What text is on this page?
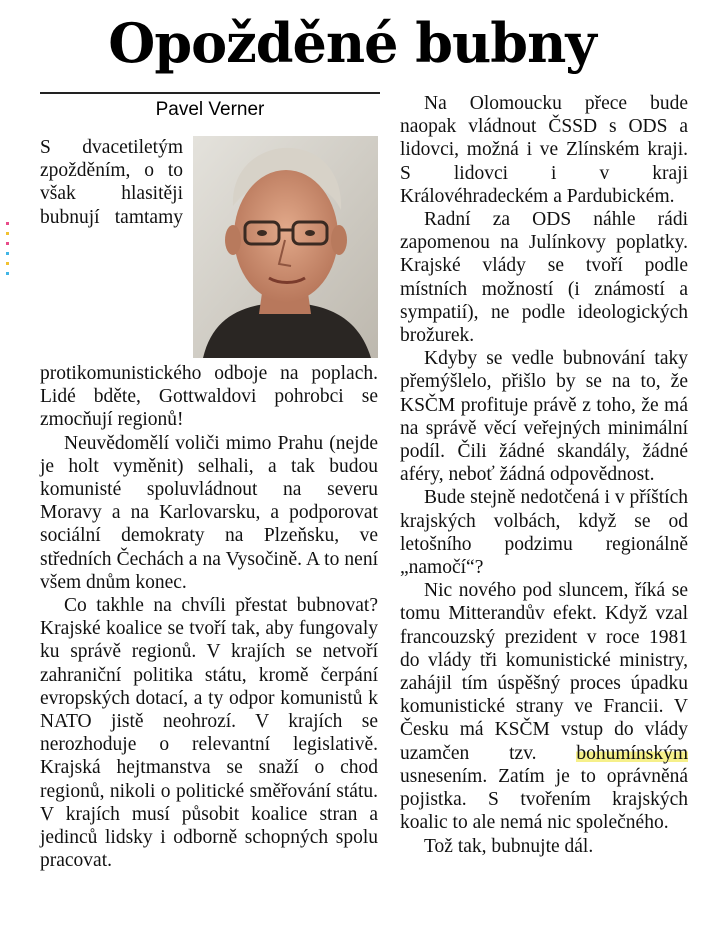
Opožděné bubny
Pavel Verner

S dvacetiletým zpožděním, o to však hlasitěji bubnují tamtamy protikomunistického odboje na poplach. Lidé bděte, Gottwaldovi pohrobci se zmocňují regionů!

Neuvědomělí voliči mimo Prahu (nejde je holt vyměnit) selhali, a tak budou komunisté spoluvládnout na severu Moravy a na Karlovarsku, a podporovat sociální demokraty na Plzeňsku, ve středních Čechách a na Vysočině. A to není všem dnům konec.

Co takhle na chvíli přestat bubnovat? Krajské koalice se tvoří tak, aby fungovaly ku správě regionů. V krajích se netvoří zahraniční politika státu, kromě čerpání evropských dotací, a ty odpor komunistů k NATO jistě neohrozí. V krajích se nerozhoduje o relevantní legislativě. Krajská hejtmanstva se snaží o chod regionů, nikoli o politické směřování státu. V krajích musí působit koalice stran a jedinců lidsky i odborně schopných spolu pracovat.

Na Olomoucku přece bude naopak vládnout ČSSD s ODS a lidovci, možná i ve Zlínském kraji. S lidovci i v kraji Královéhradeckém a Pardubickém.

Radní za ODS náhle rádi zapomenou na Julínkovy poplatky. Krajské vlády se tvoří podle místních možností (i známostí a sympatií), ne podle ideologických brožurek.

Kdyby se vedle bubnování taky přemýšlelo, přišlo by se na to, že KSČM profituje právě z toho, že má na správě věcí veřejných minimální podíl. Čili žádné skandály, žádné aféry, neboť žádná odpovědnost.

Bude stejně nedotčená i v příštích krajských volbách, když se od letošního podzimu regionálně „namočí“?

Nic nového pod sluncem, říká se tomu Mitterandův efekt. Když vzal francouzský prezident v roce 1981 do vlády tři komunistické ministry, zahájil tím úspěšný proces úpadku komunistické strany ve Francii. V Česku má KSČM vstup do vlády uzamčen tzv. bohumínským usnesením. Zatím je to oprávněná pojistka. S tvořením krajských koalic to ale nemá nic společného.

Tož tak, bubnujte dál.
